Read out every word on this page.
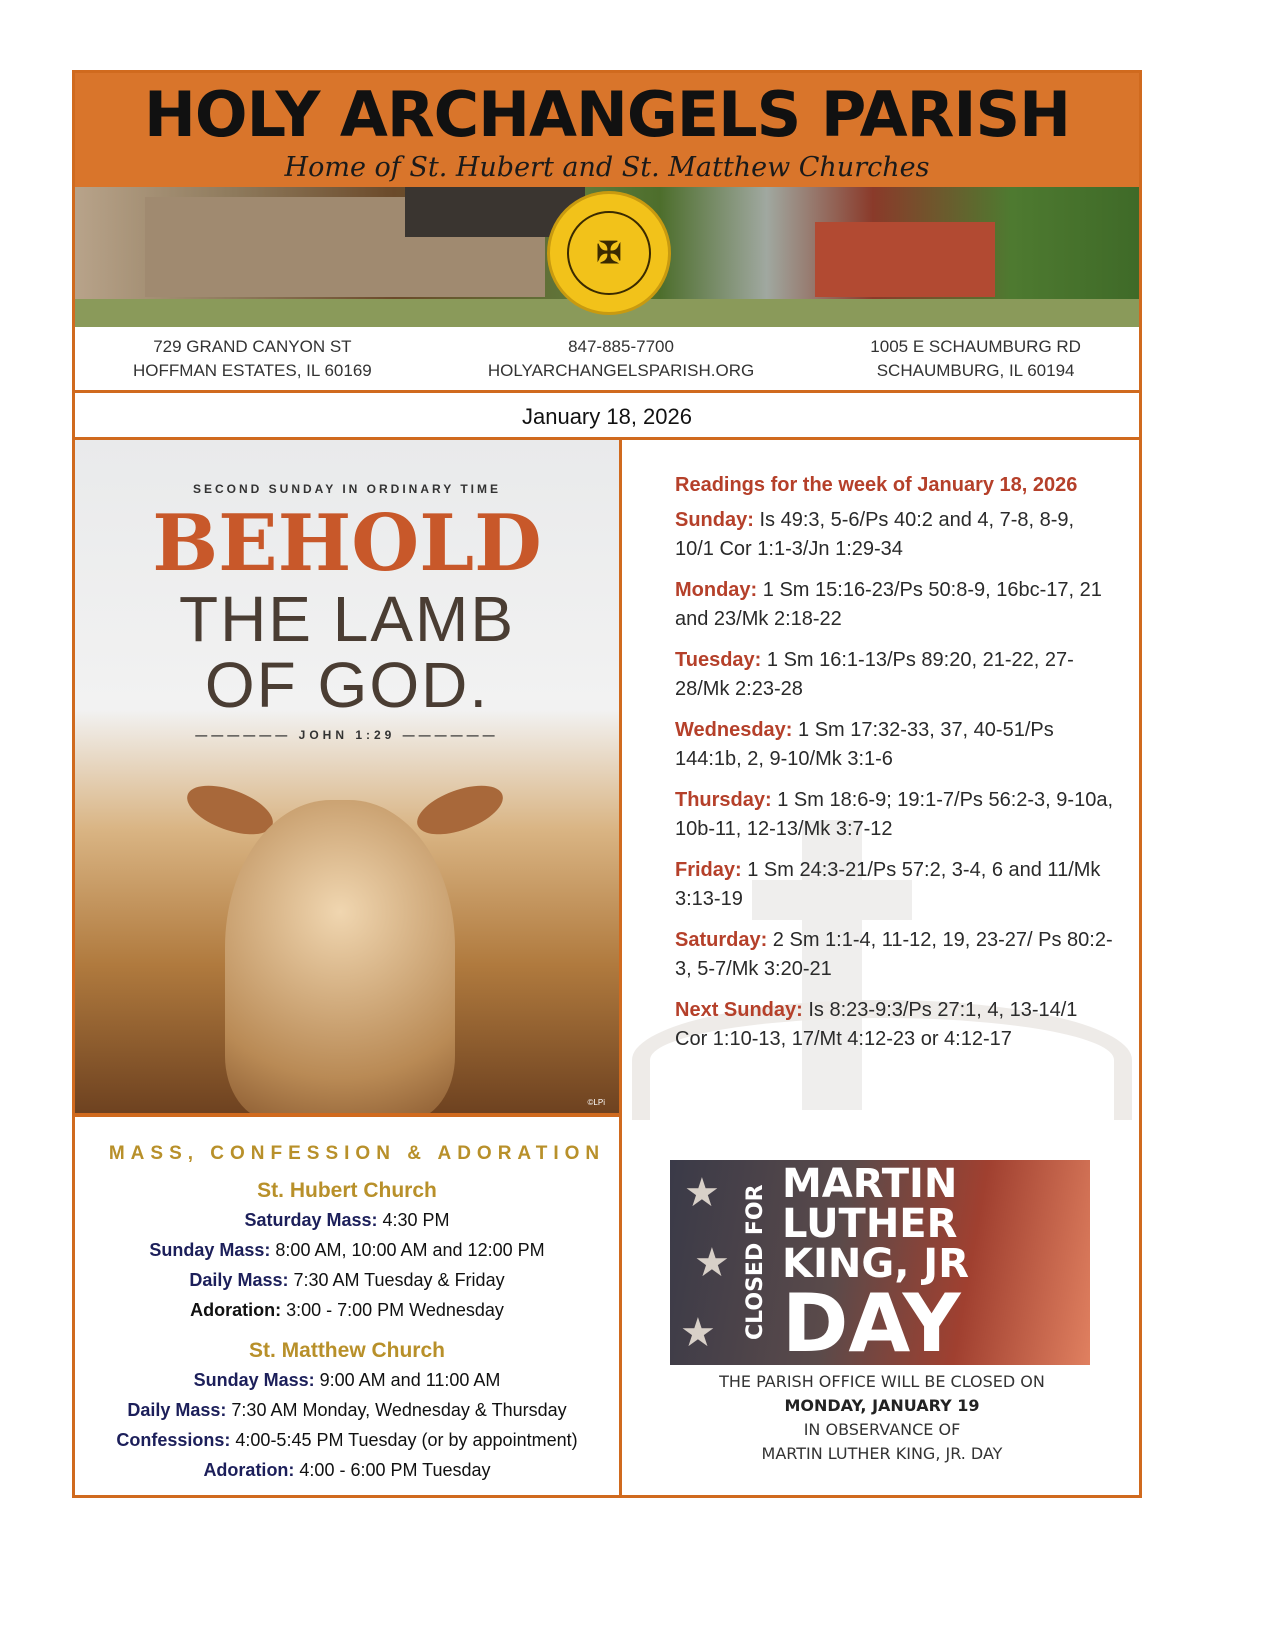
HOLY ARCHANGELS PARISH
Home of St. Hubert and St. Matthew Churches
✠
729 GRAND CANYON ST
HOFFMAN ESTATES, IL 60169
847-885-7700
HOLYARCHANGELSPARISH.ORG
1005 E SCHAUMBURG RD
SCHAUMBURG, IL 60194
January 18, 2026
SECOND SUNDAY IN ORDINARY TIME
BEHOLD
THE LAMB
OF GOD.
—————— JOHN 1:29 ——————
©LPi
MASS, CONFESSION & ADORATION
St. Hubert Church
Saturday Mass: 4:30 PM
Sunday Mass: 8:00 AM, 10:00 AM and 12:00 PM
Daily Mass: 7:30 AM Tuesday & Friday
Adoration: 3:00 - 7:00 PM Wednesday
St. Matthew Church
Sunday Mass: 9:00 AM and 11:00 AM
Daily Mass: 7:30 AM Monday, Wednesday & Thursday
Confessions: 4:00-5:45 PM Tuesday (or by appointment)
Adoration: 4:00 - 6:00 PM Tuesday
Readings for the week of January 18, 2026

Sunday: Is 49:3, 5-6/Ps 40:2 and 4, 7-8, 8-9, 10/1 Cor 1:1-3/Jn 1:29-34

Monday: 1 Sm 15:16-23/Ps 50:8-9, 16bc-17, 21 and 23/Mk 2:18-22

Tuesday: 1 Sm 16:1-13/Ps 89:20, 21-22, 27-28/Mk 2:23-28

Wednesday: 1 Sm 17:32-33, 37, 40-51/Ps 144:1b, 2, 9-10/Mk 3:1-6

Thursday: 1 Sm 18:6-9; 19:1-7/Ps 56:2-3, 9-10a, 10b-11, 12-13/Mk 3:7-12

Friday: 1 Sm 24:3-21/Ps 57:2, 3-4, 6 and 11/Mk 3:13-19

Saturday: 2 Sm 1:1-4, 11-12, 19, 23-27/ Ps 80:2-3, 5-7/Mk 3:20-21

Next Sunday: Is 8:23-9:3/Ps 27:1, 4, 13-14/1 Cor 1:10-13, 17/Mt 4:12-23 or 4:12-17

★
★
★ CLOSED FOR
MARTIN
LUTHER
KING, JR
DAY
THE PARISH OFFICE WILL BE CLOSED ON
MONDAY, JANUARY 19
IN OBSERVANCE OF
MARTIN LUTHER KING, JR. DAY
